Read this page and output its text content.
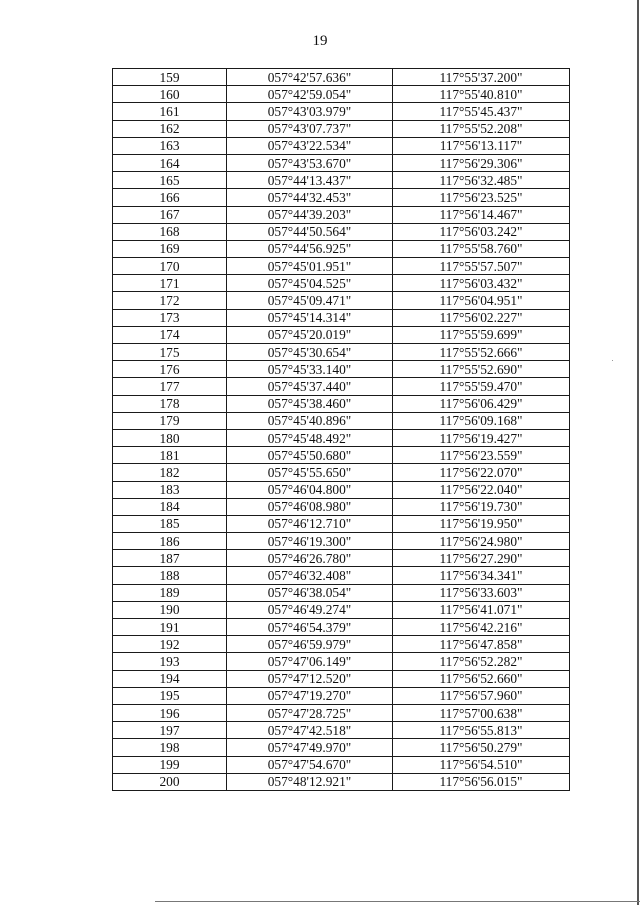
19
159	057°42'57.636"	117°55'37.200"
160	057°42'59.054"	117°55'40.810"
161	057°43'03.979"	117°55'45.437"
162	057°43'07.737"	117°55'52.208"
163	057°43'22.534"	117°56'13.117"
164	057°43'53.670"	117°56'29.306"
165	057°44'13.437"	117°56'32.485"
166	057°44'32.453"	117°56'23.525"
167	057°44'39.203"	117°56'14.467"
168	057°44'50.564"	117°56'03.242"
169	057°44'56.925"	117°55'58.760"
170	057°45'01.951"	117°55'57.507"
171	057°45'04.525"	117°56'03.432"
172	057°45'09.471"	117°56'04.951"
173	057°45'14.314"	117°56'02.227"
174	057°45'20.019"	117°55'59.699"
175	057°45'30.654"	117°55'52.666"
176	057°45'33.140"	117°55'52.690"
177	057°45'37.440"	117°55'59.470"
178	057°45'38.460"	117°56'06.429"
179	057°45'40.896"	117°56'09.168"
180	057°45'48.492"	117°56'19.427"
181	057°45'50.680"	117°56'23.559"
182	057°45'55.650"	117°56'22.070"
183	057°46'04.800"	117°56'22.040"
184	057°46'08.980"	117°56'19.730"
185	057°46'12.710"	117°56'19.950"
186	057°46'19.300"	117°56'24.980"
187	057°46'26.780"	117°56'27.290"
188	057°46'32.408"	117°56'34.341"
189	057°46'38.054"	117°56'33.603"
190	057°46'49.274"	117°56'41.071"
191	057°46'54.379"	117°56'42.216"
192	057°46'59.979"	117°56'47.858"
193	057°47'06.149"	117°56'52.282"
194	057°47'12.520"	117°56'52.660"
195	057°47'19.270"	117°56'57.960"
196	057°47'28.725"	117°57'00.638"
197	057°47'42.518"	117°56'55.813"
198	057°47'49.970"	117°56'50.279"
199	057°47'54.670"	117°56'54.510"
200	057°48'12.921"	117°56'56.015"
